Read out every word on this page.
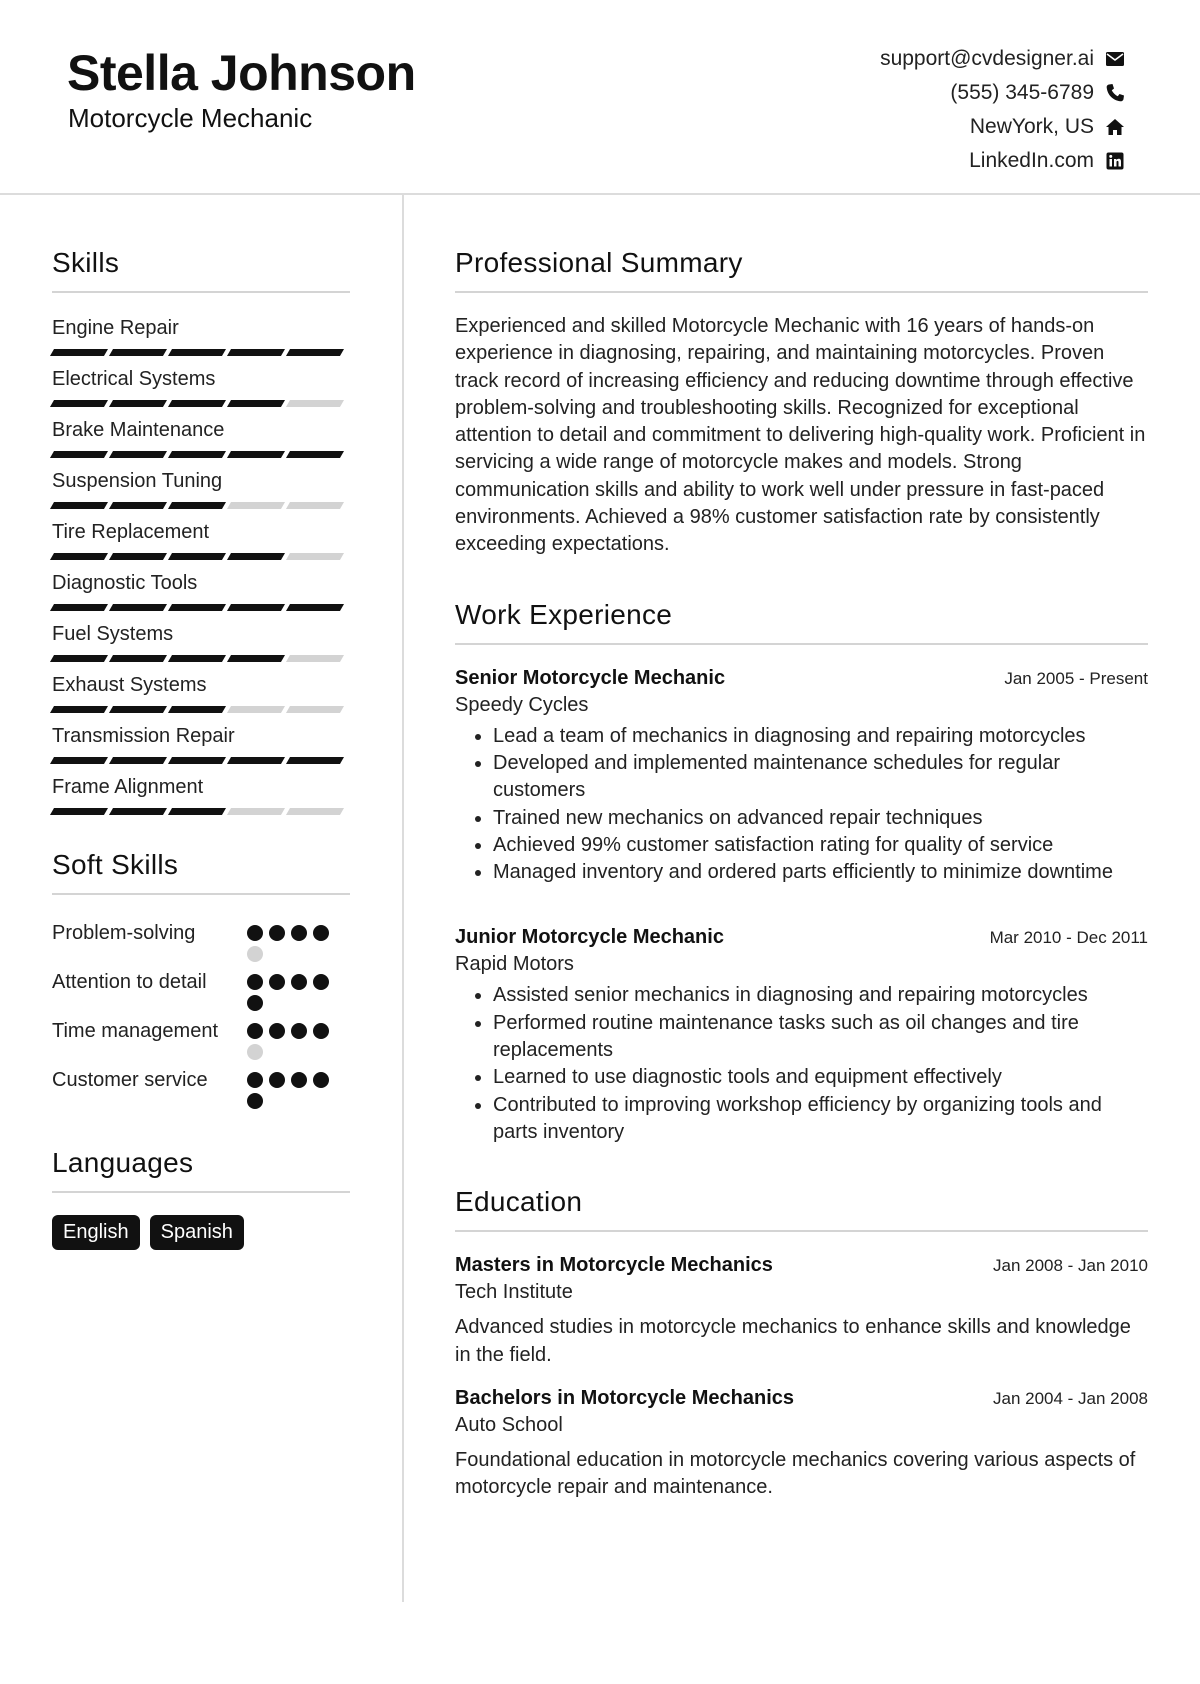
Stella Johnson
Motorcycle Mechanic
support@cvdesigner.ai
(555) 345-6789
NewYork, US
LinkedIn.com
Skills
Engine Repair
Electrical Systems
Brake Maintenance
Suspension Tuning
Tire Replacement
Diagnostic Tools
Fuel Systems
Exhaust Systems
Transmission Repair
Frame Alignment
Soft Skills
Problem-solving
Attention to detail
Time management
Customer service
Languages
English	Spanish
Professional Summary
Experienced and skilled Motorcycle Mechanic with 16 years of hands-on experience in diagnosing, repairing, and maintaining motorcycles. Proven track record of increasing efficiency and reducing downtime through effective problem-solving and troubleshooting skills. Recognized for exceptional attention to detail and commitment to delivering high-quality work. Proficient in servicing a wide range of motorcycle makes and models. Strong communication skills and ability to work well under pressure in fast-paced environments. Achieved a 98% customer satisfaction rate by consistently exceeding expectations.
Work Experience
Senior Motorcycle Mechanic	Jan 2005 - Present
Speedy Cycles
• Lead a team of mechanics in diagnosing and repairing motorcycles
• Developed and implemented maintenance schedules for regular customers
• Trained new mechanics on advanced repair techniques
• Achieved 99% customer satisfaction rating for quality of service
• Managed inventory and ordered parts efficiently to minimize downtime
Junior Motorcycle Mechanic	Mar 2010 - Dec 2011
Rapid Motors
• Assisted senior mechanics in diagnosing and repairing motorcycles
• Performed routine maintenance tasks such as oil changes and tire replacements
• Learned to use diagnostic tools and equipment effectively
• Contributed to improving workshop efficiency by organizing tools and parts inventory
Education
Masters in Motorcycle Mechanics	Jan 2008 - Jan 2010
Tech Institute
Advanced studies in motorcycle mechanics to enhance skills and knowledge in the field.
Bachelors in Motorcycle Mechanics	Jan 2004 - Jan 2008
Auto School
Foundational education in motorcycle mechanics covering various aspects of motorcycle repair and maintenance.
